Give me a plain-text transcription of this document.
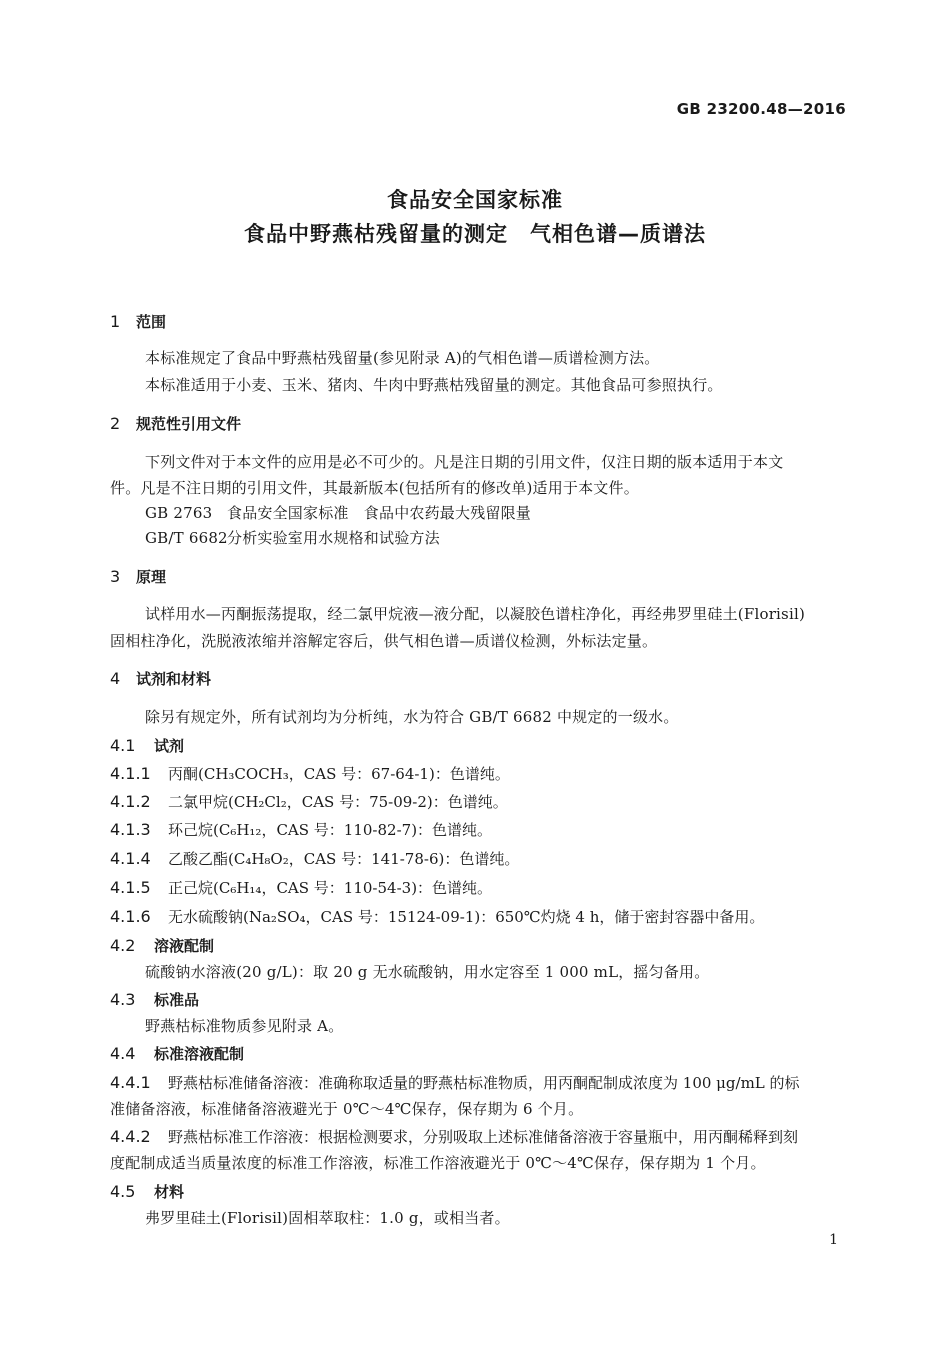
GB 23200.48—2016
食品安全国家标准
食品中野燕枯残留量的测定　气相色谱—质谱法
1 范围
本标准规定了食品中野燕枯残留量(参见附录 A)的气相色谱—质谱检测方法。
本标准适用于小麦、玉米、猪肉、牛肉中野燕枯残留量的测定。其他食品可参照执行。
2 规范性引用文件
下列文件对于本文件的应用是必不可少的。凡是注日期的引用文件，仅注日期的版本适用于本文
件。凡是不注日期的引用文件，其最新版本(包括所有的修改单)适用于本文件。
GB 2763 食品安全国家标准　食品中农药最大残留限量
GB/T 6682分析实验室用水规格和试验方法
3 原理
试样用水—丙酮振荡提取，经二氯甲烷液—液分配，以凝胶色谱柱净化，再经弗罗里硅土(Florisil)
固相柱净化，洗脱液浓缩并溶解定容后，供气相色谱—质谱仪检测，外标法定量。
4 试剂和材料
除另有规定外，所有试剂均为分析纯，水为符合 GB/T 6682 中规定的一级水。
4.1 试剂
4.1.1 丙酮(CH₃COCH₃，CAS 号：67-64-1)：色谱纯。
4.1.2 二氯甲烷(CH₂Cl₂，CAS 号：75-09-2)：色谱纯。
4.1.3 环己烷(C₆H₁₂，CAS 号：110-82-7)：色谱纯。
4.1.4 乙酸乙酯(C₄H₈O₂，CAS 号：141-78-6)：色谱纯。
4.1.5 正己烷(C₆H₁₄，CAS 号：110-54-3)：色谱纯。
4.1.6 无水硫酸钠(Na₂SO₄，CAS 号：15124-09-1)：650℃灼烧 4 h，储于密封容器中备用。
4.2 溶液配制
硫酸钠水溶液(20 g/L)：取 20 g 无水硫酸钠，用水定容至 1 000 mL，摇匀备用。
4.3 标准品
野燕枯标准物质参见附录 A。
4.4 标准溶液配制
4.4.1 野燕枯标准储备溶液：准确称取适量的野燕枯标准物质，用丙酮配制成浓度为 100 μg/mL 的标
准储备溶液，标准储备溶液避光于 0℃～4℃保存，保存期为 6 个月。
4.4.2 野燕枯标准工作溶液：根据检测要求，分别吸取上述标准储备溶液于容量瓶中，用丙酮稀释到刻
度配制成适当质量浓度的标准工作溶液，标准工作溶液避光于 0℃～4℃保存，保存期为 1 个月。
4.5 材料
弗罗里硅土(Florisil)固相萃取柱：1.0 g，或相当者。
1
